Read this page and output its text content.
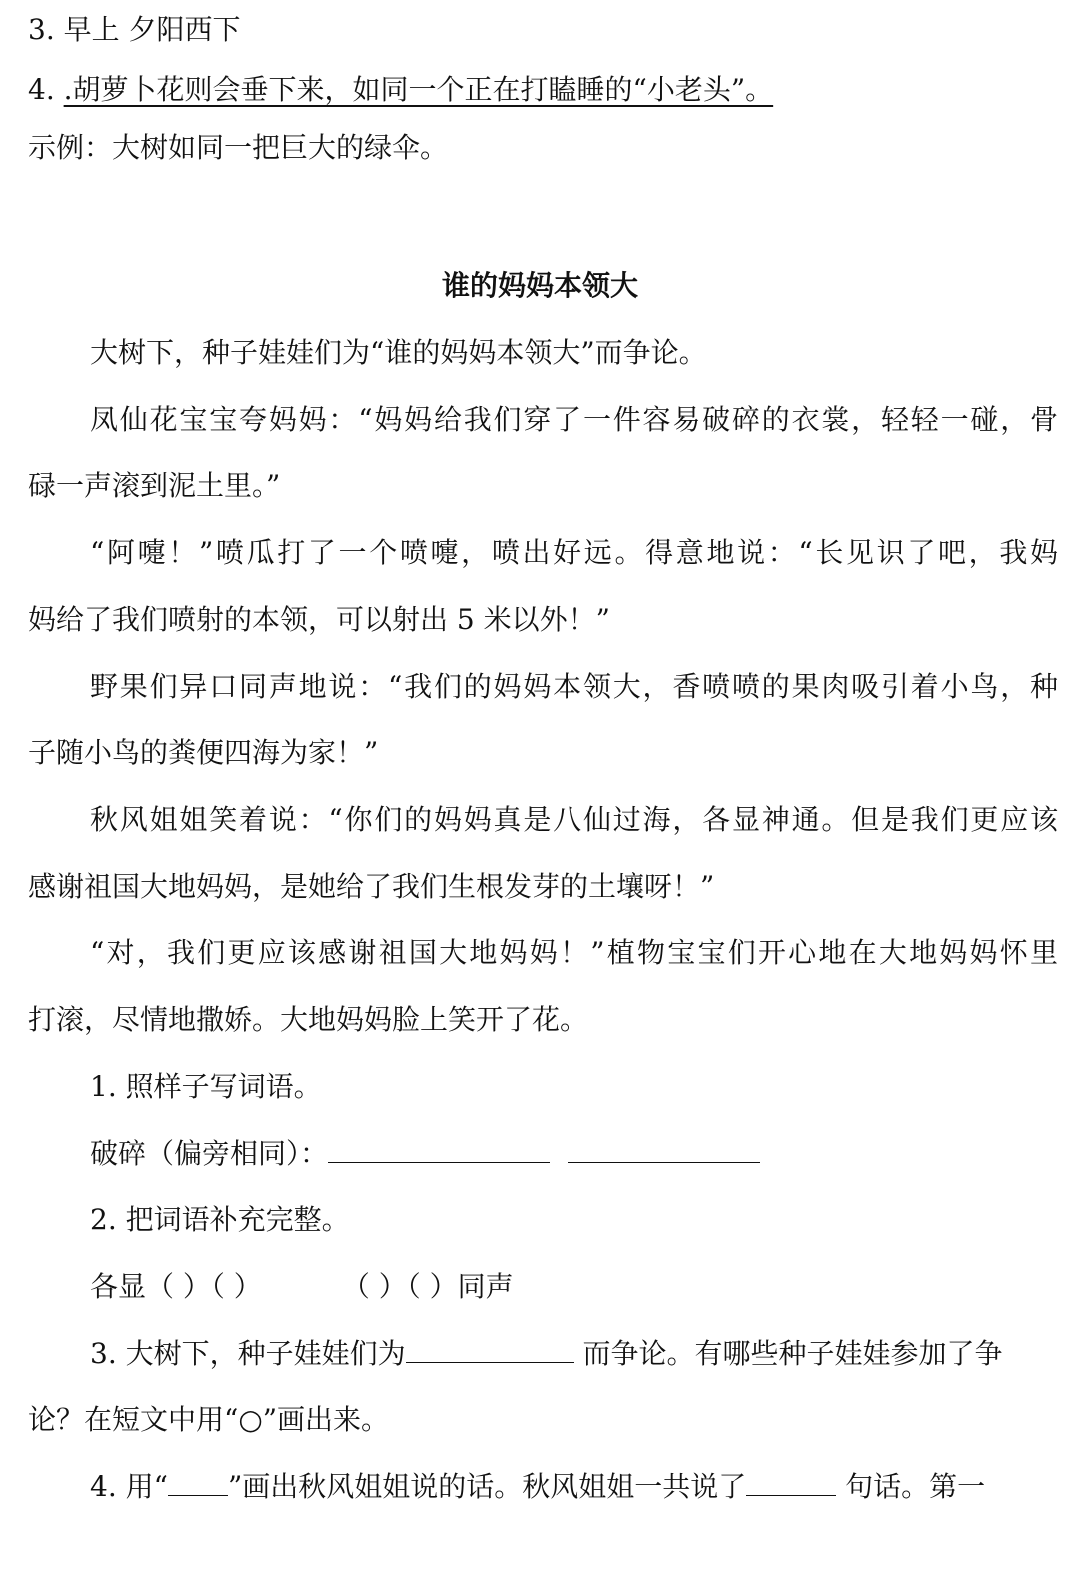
3. 早上 夕阳西下
4. .胡萝卜花则会垂下来，如同一个正在打瞌睡的“小老头”。
示例：大树如同一把巨大的绿伞。
谁的妈妈本领大
大树下，种子娃娃们为“谁的妈妈本领大”而争论。
凤仙花宝宝夸妈妈：“妈妈给我们穿了一件容易破碎的衣裳，轻轻一碰，骨
碌一声滚到泥土里。”
“阿嚏！”喷瓜打了一个喷嚏，喷出好远。得意地说：“长见识了吧，我妈
妈给了我们喷射的本领，可以射出 5 米以外！”
野果们异口同声地说：“我们的妈妈本领大，香喷喷的果肉吸引着小鸟，种
子随小鸟的粪便四海为家！”
秋风姐姐笑着说：“你们的妈妈真是八仙过海，各显神通。但是我们更应该
感谢祖国大地妈妈，是她给了我们生根发芽的土壤呀！”
“对，我们更应该感谢祖国大地妈妈！”植物宝宝们开心地在大地妈妈怀里
打滚，尽情地撒娇。大地妈妈脸上笑开了花。
1. 照样子写词语。
破碎（偏旁相同）：
2. 把词语补充完整。
各显（ ）（ ）	（ ）（ ）同声
3. 大树下，种子娃娃们为	而争论。有哪些种子娃娃参加了争
论？在短文中用“○”画出来。
4. 用“ ”画出秋风姐姐说的话。秋风姐姐一共说了	句话。第一
